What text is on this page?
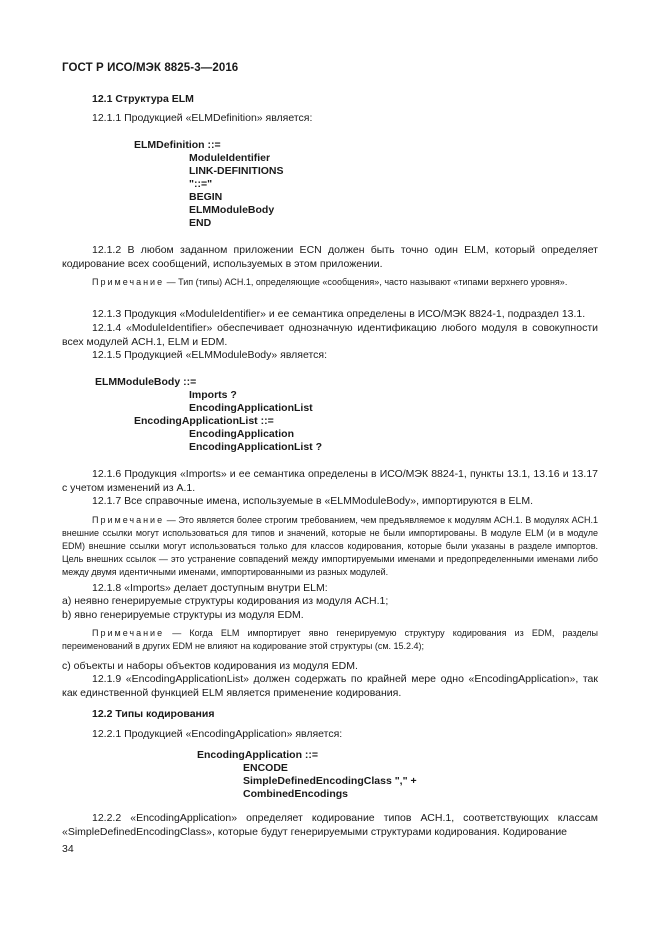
ГОСТ Р ИСО/МЭК 8825-3—2016
12.1 Структура ELM
12.1.1 Продукцией «ELMDefinition» является:
ELMDefinition ::=
ModuleIdentifier
LINK-DEFINITIONS
"::="
BEGIN
ELMModuleBody
END
12.1.2 В любом заданном приложении ECN должен быть точно один ELM, который определяет кодирование всех сообщений, используемых в этом приложении.
Примечание — Тип (типы) АСН.1, определяющие «сообщения», часто называют «типами верхнего уровня».
12.1.3 Продукция «ModuleIdentifier» и ее семантика определены в ИСО/МЭК 8824-1, подраздел 13.1.
12.1.4 «ModuleIdentifier» обеспечивает однозначную идентификацию любого модуля в совокупности всех модулей АСН.1, ELM и EDM.
12.1.5 Продукцией «ELMModuleBody» является:
ELMModuleBody ::=
Imports ?
EncodingApplicationList
EncodingApplicationList ::=
EncodingApplication
EncodingApplicationList ?
12.1.6 Продукция «Imports» и ее семантика определены в ИСО/МЭК 8824-1, пункты 13.1, 13.16 и 13.17 с учетом изменений из А.1.
12.1.7 Все справочные имена, используемые в «ELMModuleBody», импортируются в ELM.
Примечание — Это является более строгим требованием, чем предъявляемое к модулям АСН.1. В модулях АСН.1 внешние ссылки могут использоваться для типов и значений, которые не были импортированы. В модуле ELM (и в модуле EDM) внешние ссылки могут использоваться только для классов кодирования, которые были указаны в разделе импортов. Цель внешних ссылок — это устранение совпадений между импортируемыми именами и предопределенными именами либо между двумя идентичными именами, импортированными из разных модулей.
12.1.8 «Imports» делает доступным внутри ELM:
a) неявно генерируемые структуры кодирования из модуля АСН.1;
b) явно генерируемые структуры из модуля EDM.
Примечание — Когда ELM импортирует явно генерируемую структуру кодирования из EDM, разделы переименований в других EDM не влияют на кодирование этой структуры (см. 15.2.4);
c) объекты и наборы объектов кодирования из модуля EDM.
12.1.9 «EncodingApplicationList» должен содержать по крайней мере одно «EncodingApplication», так как единственной функцией ELM является применение кодирования.
12.2 Типы кодирования
12.2.1 Продукцией «EncodingApplication» является:
EncodingApplication ::=
ENCODE
SimpleDefinedEncodingClass "," +
CombinedEncodings
12.2.2 «EncodingApplication» определяет кодирование типов АСН.1, соответствующих классам «SimpleDefinedEncodingClass», которые будут генерируемыми структурами кодирования. Кодирование
34
